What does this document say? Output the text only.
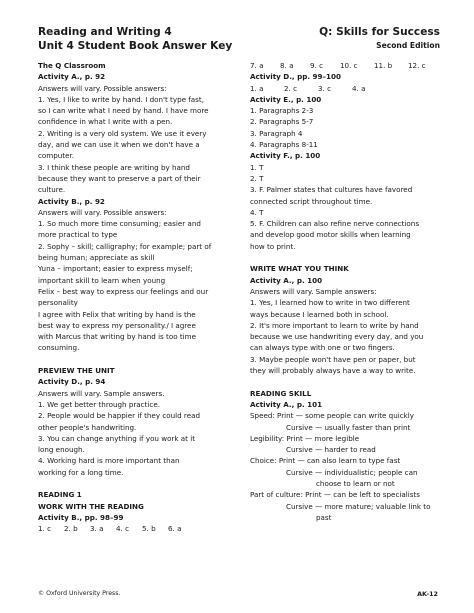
Reading and Writing 4
Unit 4 Student Book Answer Key
Q: Skills for Success
Second Edition

The Q Classroom

Activity A., p. 92

Answers will vary. Possible answers:

1. Yes, I like to write by hand. I don't type fast,

so I can write what I need by hand. I have more

confidence in what I write with a pen.

2. Writing is a very old system. We use it every

day, and we can use it when we don't have a

computer.

3. I think these people are writing by hand

because they want to preserve a part of their

culture.

Activity B., p. 92

Answers will vary. Possible answers:

1. So much more time consuming; easier and

more practical to type

2. Sophy – skill; calligraphy; for example; part of

being human; appreciate as skill

Yuna – important; easier to express myself;

important skill to learn when young

Felix – best way to express our feelings and our

personality

I agree with Felix that writing by hand is the

best way to express my personality./ I agree

with Marcus that writing by hand is too time

consuming.

PREVIEW THE UNIT

Activity D., p. 94

Answers will vary. Sample answers.

1. We get better through practice.

2. People would be happier if they could read

other people's handwriting.

3. You can change anything if you work at it

long enough.

4. Working hard is more important than

working for a long time.

READING 1

WORK WITH THE READING

Activity B., pp. 98–99

1. c	2. b	3. a	4. c	5. b	6. a
7. a	8. a	9. c	10. c	11. b	12. c

Activity D., pp. 99–100

1. a	2. c	3. c	4. a

Activity E., p. 100

1. Paragraphs 2-3

2. Paragraphs 5-7

3. Paragraph 4

4. Paragraphs 8-11

Activity F., p. 100

1. T

2. T

3. F. Palmer states that cultures have favored

connected script throughout time.

4. T

5. F. Children can also refine nerve connections

and develop good motor skills when learning

how to print.

WRITE WHAT YOU THINK

Activity A., p. 100

Answers will vary. Sample answers:

1. Yes, I learned how to write in two different

ways because I learned both in school.

2. It's more important to learn to write by hand

because we use handwriting every day, and you

can always type with one or two fingers.

3. Maybe people won't have pen or paper, but

they will probably always have a way to write.

READING SKILL

Activity A., p. 101

Speed: Print — some people can write quickly

Cursive — usually faster than print

Legibility: Print — more legible

Cursive — harder to read

Choice: Print — can also learn to type fast

Cursive — individualistic; people can

choose to learn or not

Part of culture: Print — can be left to specialists

Cursive — more mature; valuable link to

past

© Oxford University Press.	AK-12
